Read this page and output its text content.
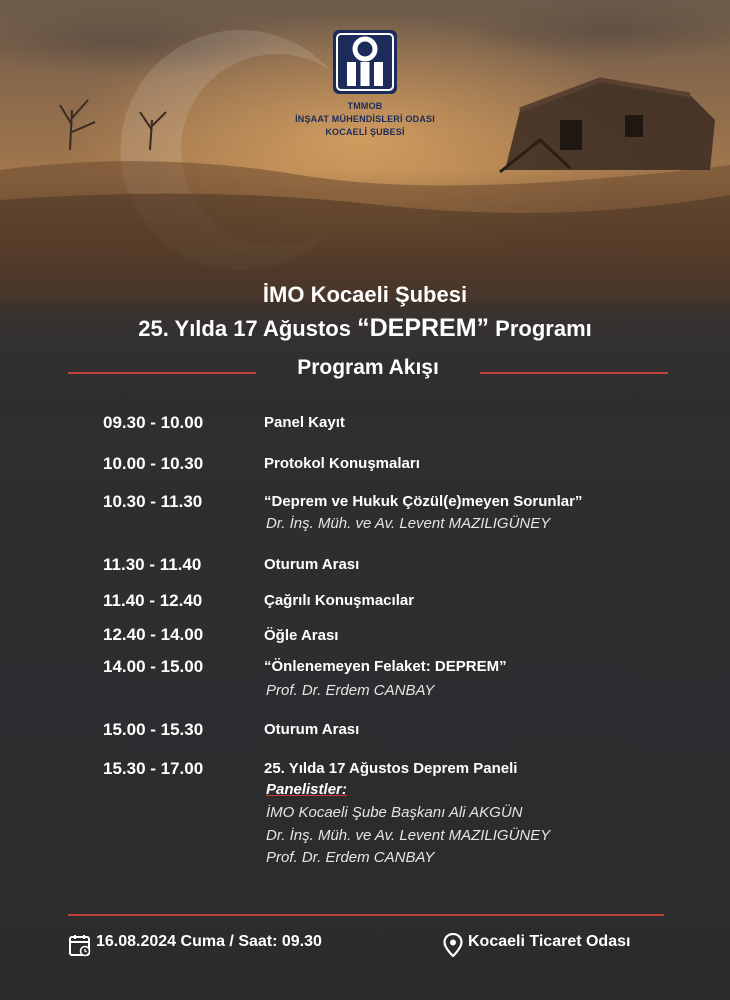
TMMOB
İNŞAAT MÜHENDİSLERİ ODASI
KOCAELİ ŞUBESİ
İMO Kocaeli Şubesi
25. Yılda 17 Ağustos “DEPREM” Programı
Program Akışı
09.30 - 10.00	Panel Kayıt
10.00 - 10.30	Protokol Konuşmaları
10.30 - 11.30	“Deprem ve Hukuk Çözül(e)meyen Sorunlar”
Dr. İnş. Müh. ve Av. Levent MAZILIGÜNEY
11.30 - 11.40	Oturum Arası
11.40 - 12.40	Çağrılı Konuşmacılar
12.40 - 14.00	Öğle Arası
14.00 - 15.00	“Önlenemeyen Felaket: DEPREM”
Prof. Dr. Erdem CANBAY
15.00 - 15.30	Oturum Arası
15.30 - 17.00	25. Yılda 17 Ağustos Deprem Paneli
Panelistler:
İMO Kocaeli Şube Başkanı Ali AKGÜN
Dr. İnş. Müh. ve Av. Levent MAZILIGÜNEY
Prof. Dr. Erdem CANBAY
16.08.2024 Cuma / Saat: 09.30	Kocaeli Ticaret Odası
